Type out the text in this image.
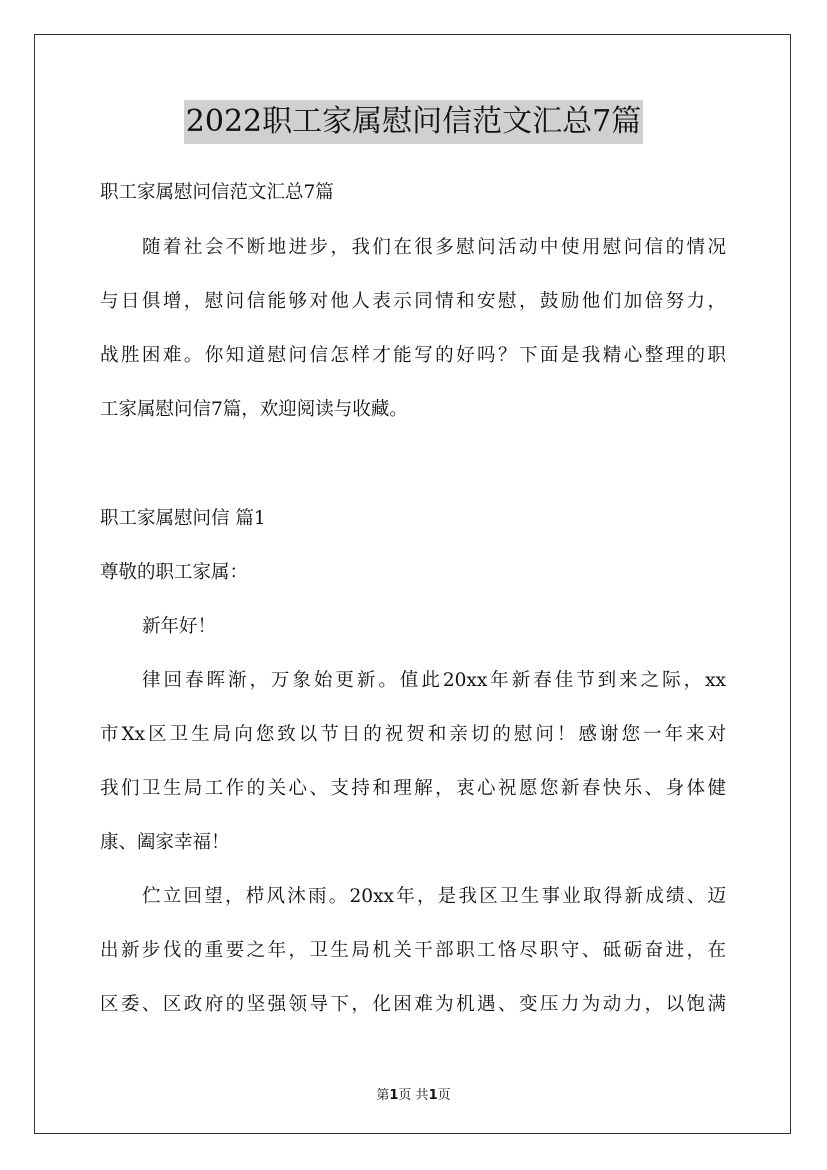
2022职工家属慰问信范文汇总7篇
职工家属慰问信范文汇总7篇
随着社会不断地进步，我们在很多慰问活动中使用慰问信的情况
与日俱增，慰问信能够对他人表示同情和安慰，鼓励他们加倍努力，
战胜困难。你知道慰问信怎样才能写的好吗？下面是我精心整理的职
工家属慰问信7篇，欢迎阅读与收藏。
职工家属慰问信 篇1
尊敬的职工家属：
新年好！
律回春晖渐，万象始更新。值此20xx年新春佳节到来之际，xx
市Xx区卫生局向您致以节日的祝贺和亲切的慰问！感谢您一年来对
我们卫生局工作的关心、支持和理解，衷心祝愿您新春快乐、身体健
康、阖家幸福！
伫立回望，栉风沐雨。20xx年，是我区卫生事业取得新成绩、迈
出新步伐的重要之年，卫生局机关干部职工恪尽职守、砥砺奋进，在
区委、区政府的坚强领导下，化困难为机遇、变压力为动力，以饱满
第1页 共1页
